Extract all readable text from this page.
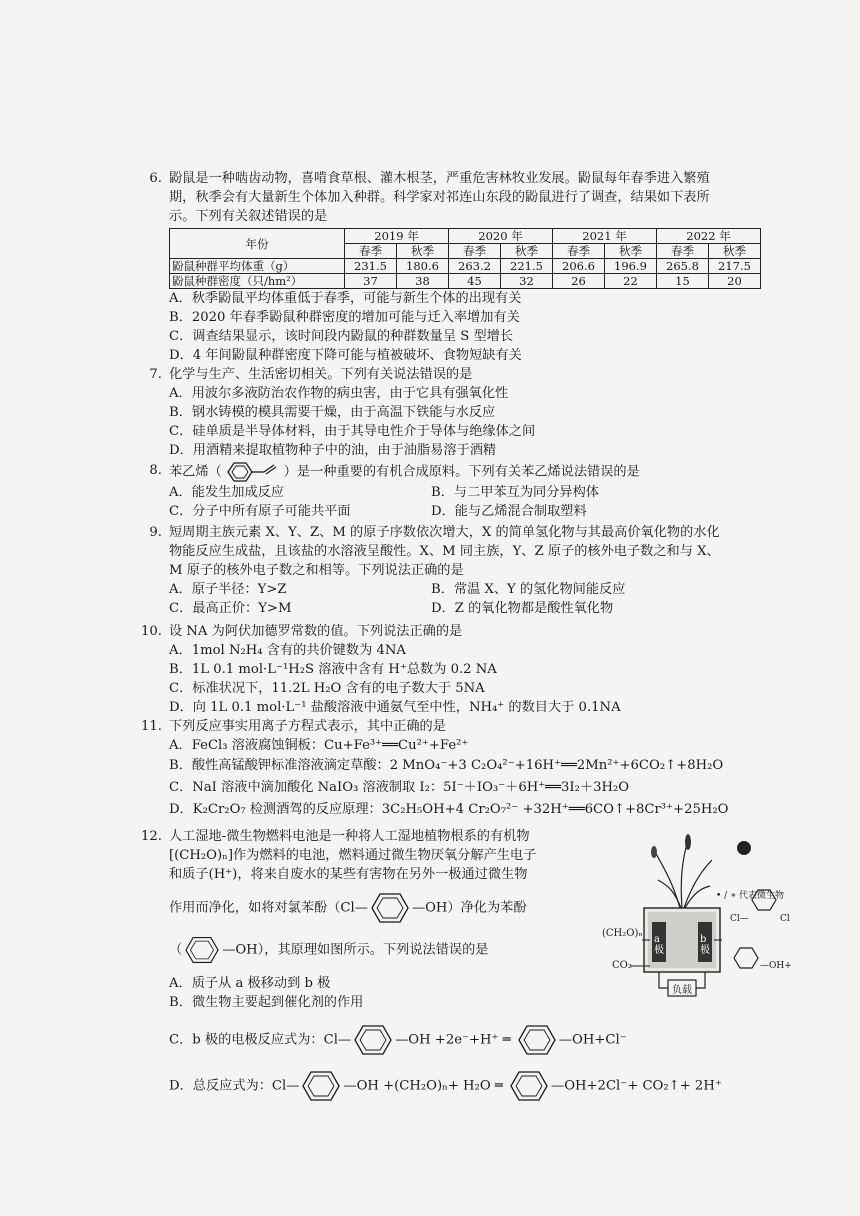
6. 鼢鼠是一种啮齿动物，喜啃食草根、灌木根茎，严重危害林牧业发展。鼢鼠每年春季进入繁殖
期，秋季会有大量新生个体加入种群。科学家对祁连山东段的鼢鼠进行了调查，结果如下表所
示。下列有关叙述错误的是
年份	2019 年		2020 年		2021 年		2022 年	
	春季	秋季	春季	秋季	春季	秋季	春季	秋季
鼢鼠种群平均体重（g）	231.5	180.6	263.2	221.5	206.6	196.9	265.8	217.5
鼢鼠种群密度（只/hm²）	37	38	45	32	26	22	15	20
A．秋季鼢鼠平均体重低于春季，可能与新生个体的出现有关
B．2020 年春季鼢鼠种群密度的增加可能与迁入率增加有关
C．调查结果显示，该时间段内鼢鼠的种群数量呈 S 型增长
D．4 年间鼢鼠种群密度下降可能与植被破坏、食物短缺有关
7. 化学与生产、生活密切相关。下列有关说法错误的是
A．用波尔多液防治农作物的病虫害，由于它具有强氧化性
B．钢水铸模的模具需要干燥，由于高温下铁能与水反应
C．硅单质是半导体材料，由于其导电性介于导体与绝缘体之间
D．用酒精来提取植物种子中的油，由于油脂易溶于酒精
8. 苯乙烯（	）是一种重要的有机合成原料。下列有关苯乙烯说法错误的是
A．能发生加成反应	B．与二甲苯互为同分异构体
C．分子中所有原子可能共平面	D．能与乙烯混合制取塑料
9. 短周期主族元素 X、Y、Z、M 的原子序数依次增大，X 的简单氢化物与其最高价氧化物的水化
物能反应生成盐，且该盐的水溶液呈酸性。X、M 同主族，Y、Z 原子的核外电子数之和与 X、
M 原子的核外电子数之和相等。下列说法正确的是
A．原子半径：Y>Z	B．常温 X、Y 的氢化物间能反应
C．最高正价：Y>M	D．Z 的氧化物都是酸性氧化物
10. 设 NA 为阿伏加德罗常数的值。下列说法正确的是
A．1mol N₂H₄ 含有的共价键数为 4NA
B．1L 0.1 mol·L⁻¹H₂S 溶液中含有 H⁺总数为 0.2 NA
C．标准状况下，11.2L H₂O 含有的电子数大于 5NA
D．向 1L 0.1 mol·L⁻¹ 盐酸溶液中通氨气至中性，NH₄⁺ 的数目大于 0.1NA
11. 下列反应事实用离子方程式表示，其中正确的是
A．FeCl₃ 溶液腐蚀铜板：Cu+Fe³⁺══Cu²⁺+Fe²⁺
B．酸性高锰酸钾标准溶液滴定草酸：2 MnO₄⁻+3 C₂O₄²⁻+16H⁺══2Mn²⁺+6CO₂↑+8H₂O
C．NaI 溶液中滴加酸化 NaIO₃ 溶液制取 I₂：5I⁻＋IO₃⁻＋6H⁺══3I₂＋3H₂O
D．K₂Cr₂O₇ 检测酒驾的反应原理：3C₂H₅OH+4 Cr₂O₇²⁻ +32H⁺══6CO↑+8Cr³⁺+25H₂O
12. 人工湿地-微生物燃料电池是一种将人工湿地植物根系的有机物
[(CH₂O)ₙ]作为燃料的电池，燃料通过微生物厌氧分解产生电子
和质子(H⁺)，将来自废水的某些有害物在另外一极通过微生物
作用而净化，如将对氯苯酚（Cl—	—OH）净化为苯酚
（	—OH），其原理如图所示。下列说法错误的是
A．质子从 a 极移动到 b 极
B．微生物主要起到催化剂的作用
C．b 极的电极反应式为：Cl—	—OH +2e⁻+H⁺ ═	—OH+Cl⁻
D．总反应式为：Cl—	—OH +(CH₂O)ₙ+ H₂O ═	—OH+2Cl⁻+ CO₂↑+ 2H⁺
• / ∗ 代表微生物
(CH₂O)ₙ
a极
b极
CO₂
负载
Cl—	Cl
—OH+
